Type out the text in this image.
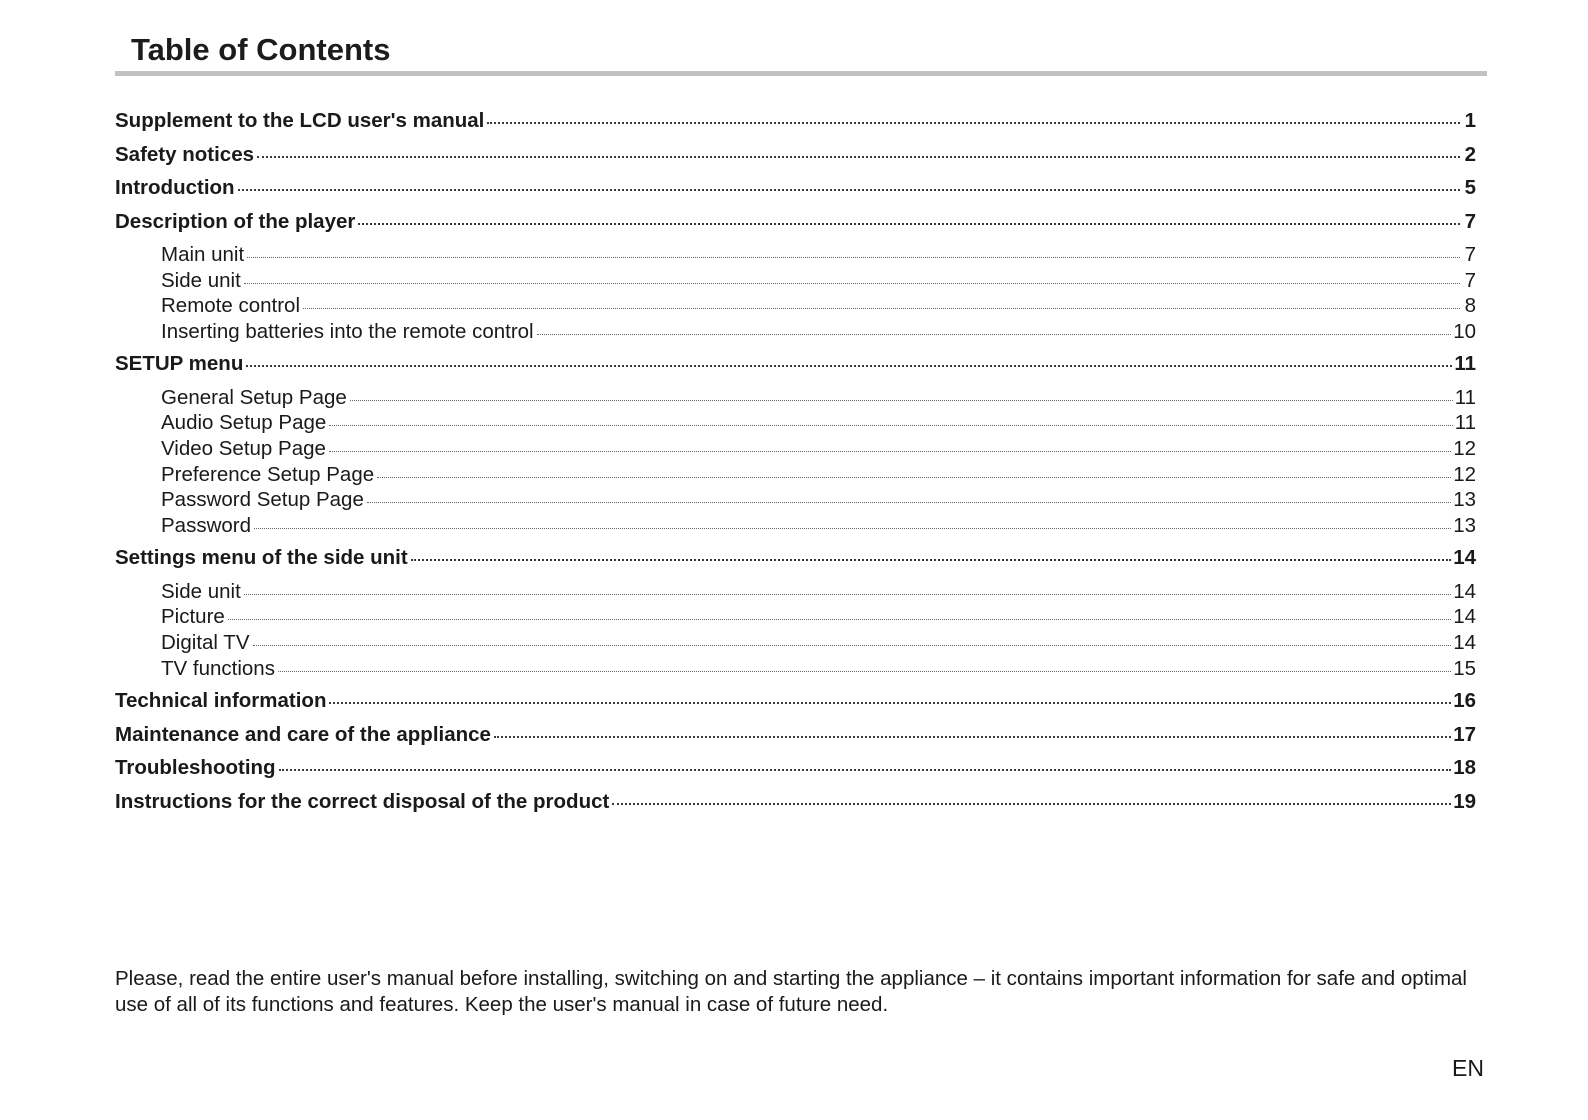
Table of Contents
Supplement to the LCD user's manual	1
Safety notices	2
Introduction	5
Description of the player	7
Main unit	7
Side unit	7
Remote control	8
Inserting batteries into the remote control	10
SETUP menu	11
General Setup Page	11
Audio Setup Page	11
Video Setup Page	12
Preference Setup Page	12
Password Setup Page	13
Password	13
Settings menu of the side unit	14
Side unit	14
Picture	14
Digital TV	14
TV functions	15
Technical information	16
Maintenance and care of the appliance	17
Troubleshooting	18
Instructions for the correct disposal of the product	19

Please, read the entire user's manual before installing, switching on and starting the appliance – it contains important information for safe and optimal use of all of its functions and features. Keep the user's manual in case of future need.

EN
